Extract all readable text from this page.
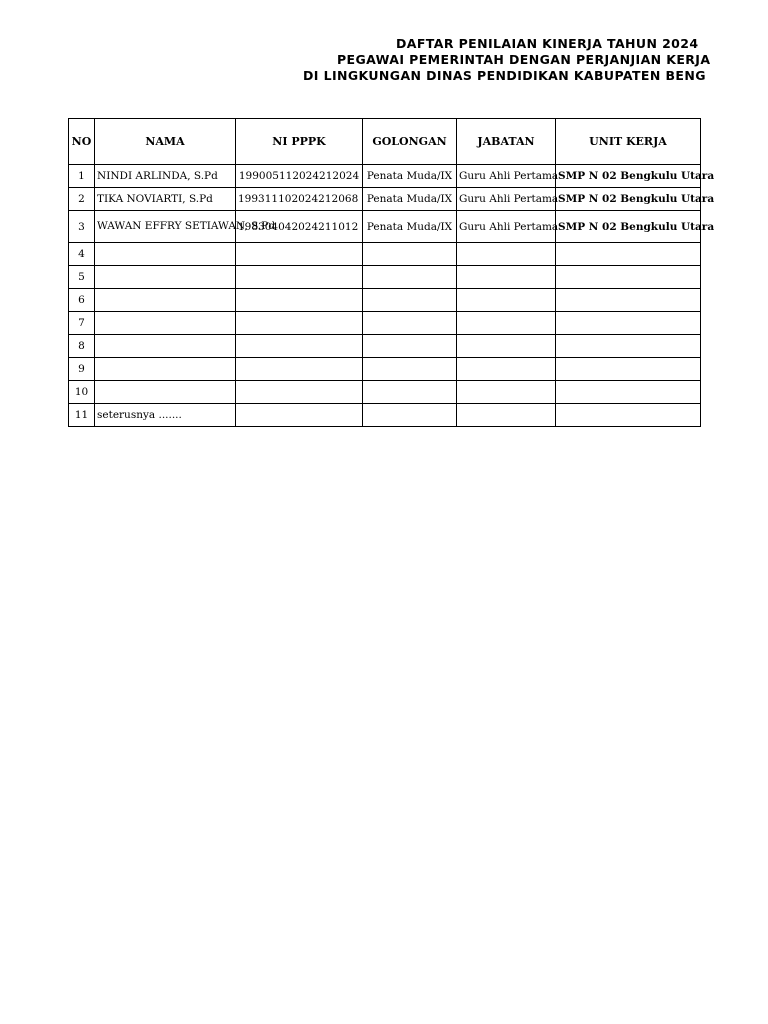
DAFTAR PENILAIAN KINERJA TAHUN 2024
PEGAWAI PEMERINTAH DENGAN PERJANJIAN KERJA
DI LINGKUNGAN DINAS PENDIDIKAN KABUPATEN BENG
NO	NAMA	NI PPPK	GOLONGAN	JABATAN	UNIT KERJA
1	NINDI ARLINDA, S.Pd	199005112024212024	Penata Muda/IX	Guru Ahli Pertama	SMP N 02 Bengkulu Utara
2	TIKA NOVIARTI, S.Pd	199311102024212068	Penata Muda/IX	Guru Ahli Pertama	SMP N 02 Bengkulu Utara
3	WAWAN EFFRY SETIAWAN, S.Pd	198304042024211012	Penata Muda/IX	Guru Ahli Pertama	SMP N 02 Bengkulu Utara
4					
5					
6					
7					
8					
9					
10					
11	seterusnya .......				
